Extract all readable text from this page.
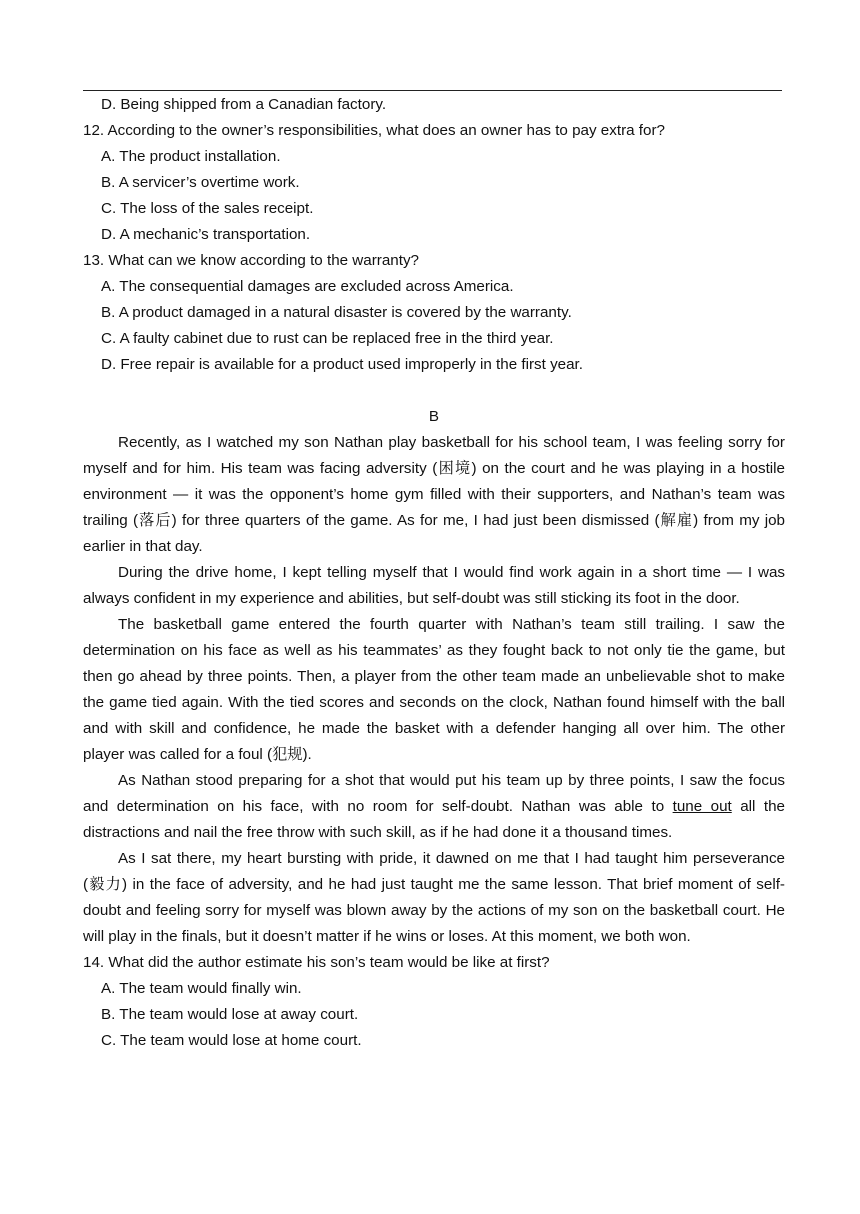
D. Being shipped from a Canadian factory.

12. According to the owner’s responsibilities, what does an owner has to pay extra for?

A. The product installation.

B. A servicer’s overtime work.

C. The loss of the sales receipt.

D. A mechanic’s transportation.

13. What can we know according to the warranty?

A. The consequential damages are excluded across America.

B. A product damaged in a natural disaster is covered by the warranty.

C. A faulty cabinet due to rust can be replaced free in the third year.

D. Free repair is available for a product used improperly in the first year.

B

Recently, as I watched my son Nathan play basketball for his school team, I was feeling sorry for myself and for him. His team was facing adversity (困境) on the court and he was playing in a hostile environment — it was the opponent’s home gym filled with their supporters, and Nathan’s team was trailing (落后) for three quarters of the game. As for me, I had just been dismissed (解雇) from my job earlier in that day.

During the drive home, I kept telling myself that I would find work again in a short time — I was always confident in my experience and abilities, but self-doubt was still sticking its foot in the door.

The basketball game entered the fourth quarter with Nathan’s team still trailing. I saw the determination on his face as well as his teammates’ as they fought back to not only tie the game, but then go ahead by three points. Then, a player from the other team made an unbelievable shot to make the game tied again. With the tied scores and seconds on the clock, Nathan found himself with the ball and with skill and confidence, he made the basket with a defender hanging all over him. The other player was called for a foul (犯规).

As Nathan stood preparing for a shot that would put his team up by three points, I saw the focus and determination on his face, with no room for self-doubt. Nathan was able to tune out all the distractions and nail the free throw with such skill, as if he had done it a thousand times.

As I sat there, my heart bursting with pride, it dawned on me that I had taught him perseverance (毅力) in the face of adversity, and he had just taught me the same lesson. That brief moment of self-doubt and feeling sorry for myself was blown away by the actions of my son on the basketball court. He will play in the finals, but it doesn’t matter if he wins or loses. At this moment, we both won.

14. What did the author estimate his son’s team would be like at first?

A. The team would finally win.

B. The team would lose at away court.

C. The team would lose at home court.
